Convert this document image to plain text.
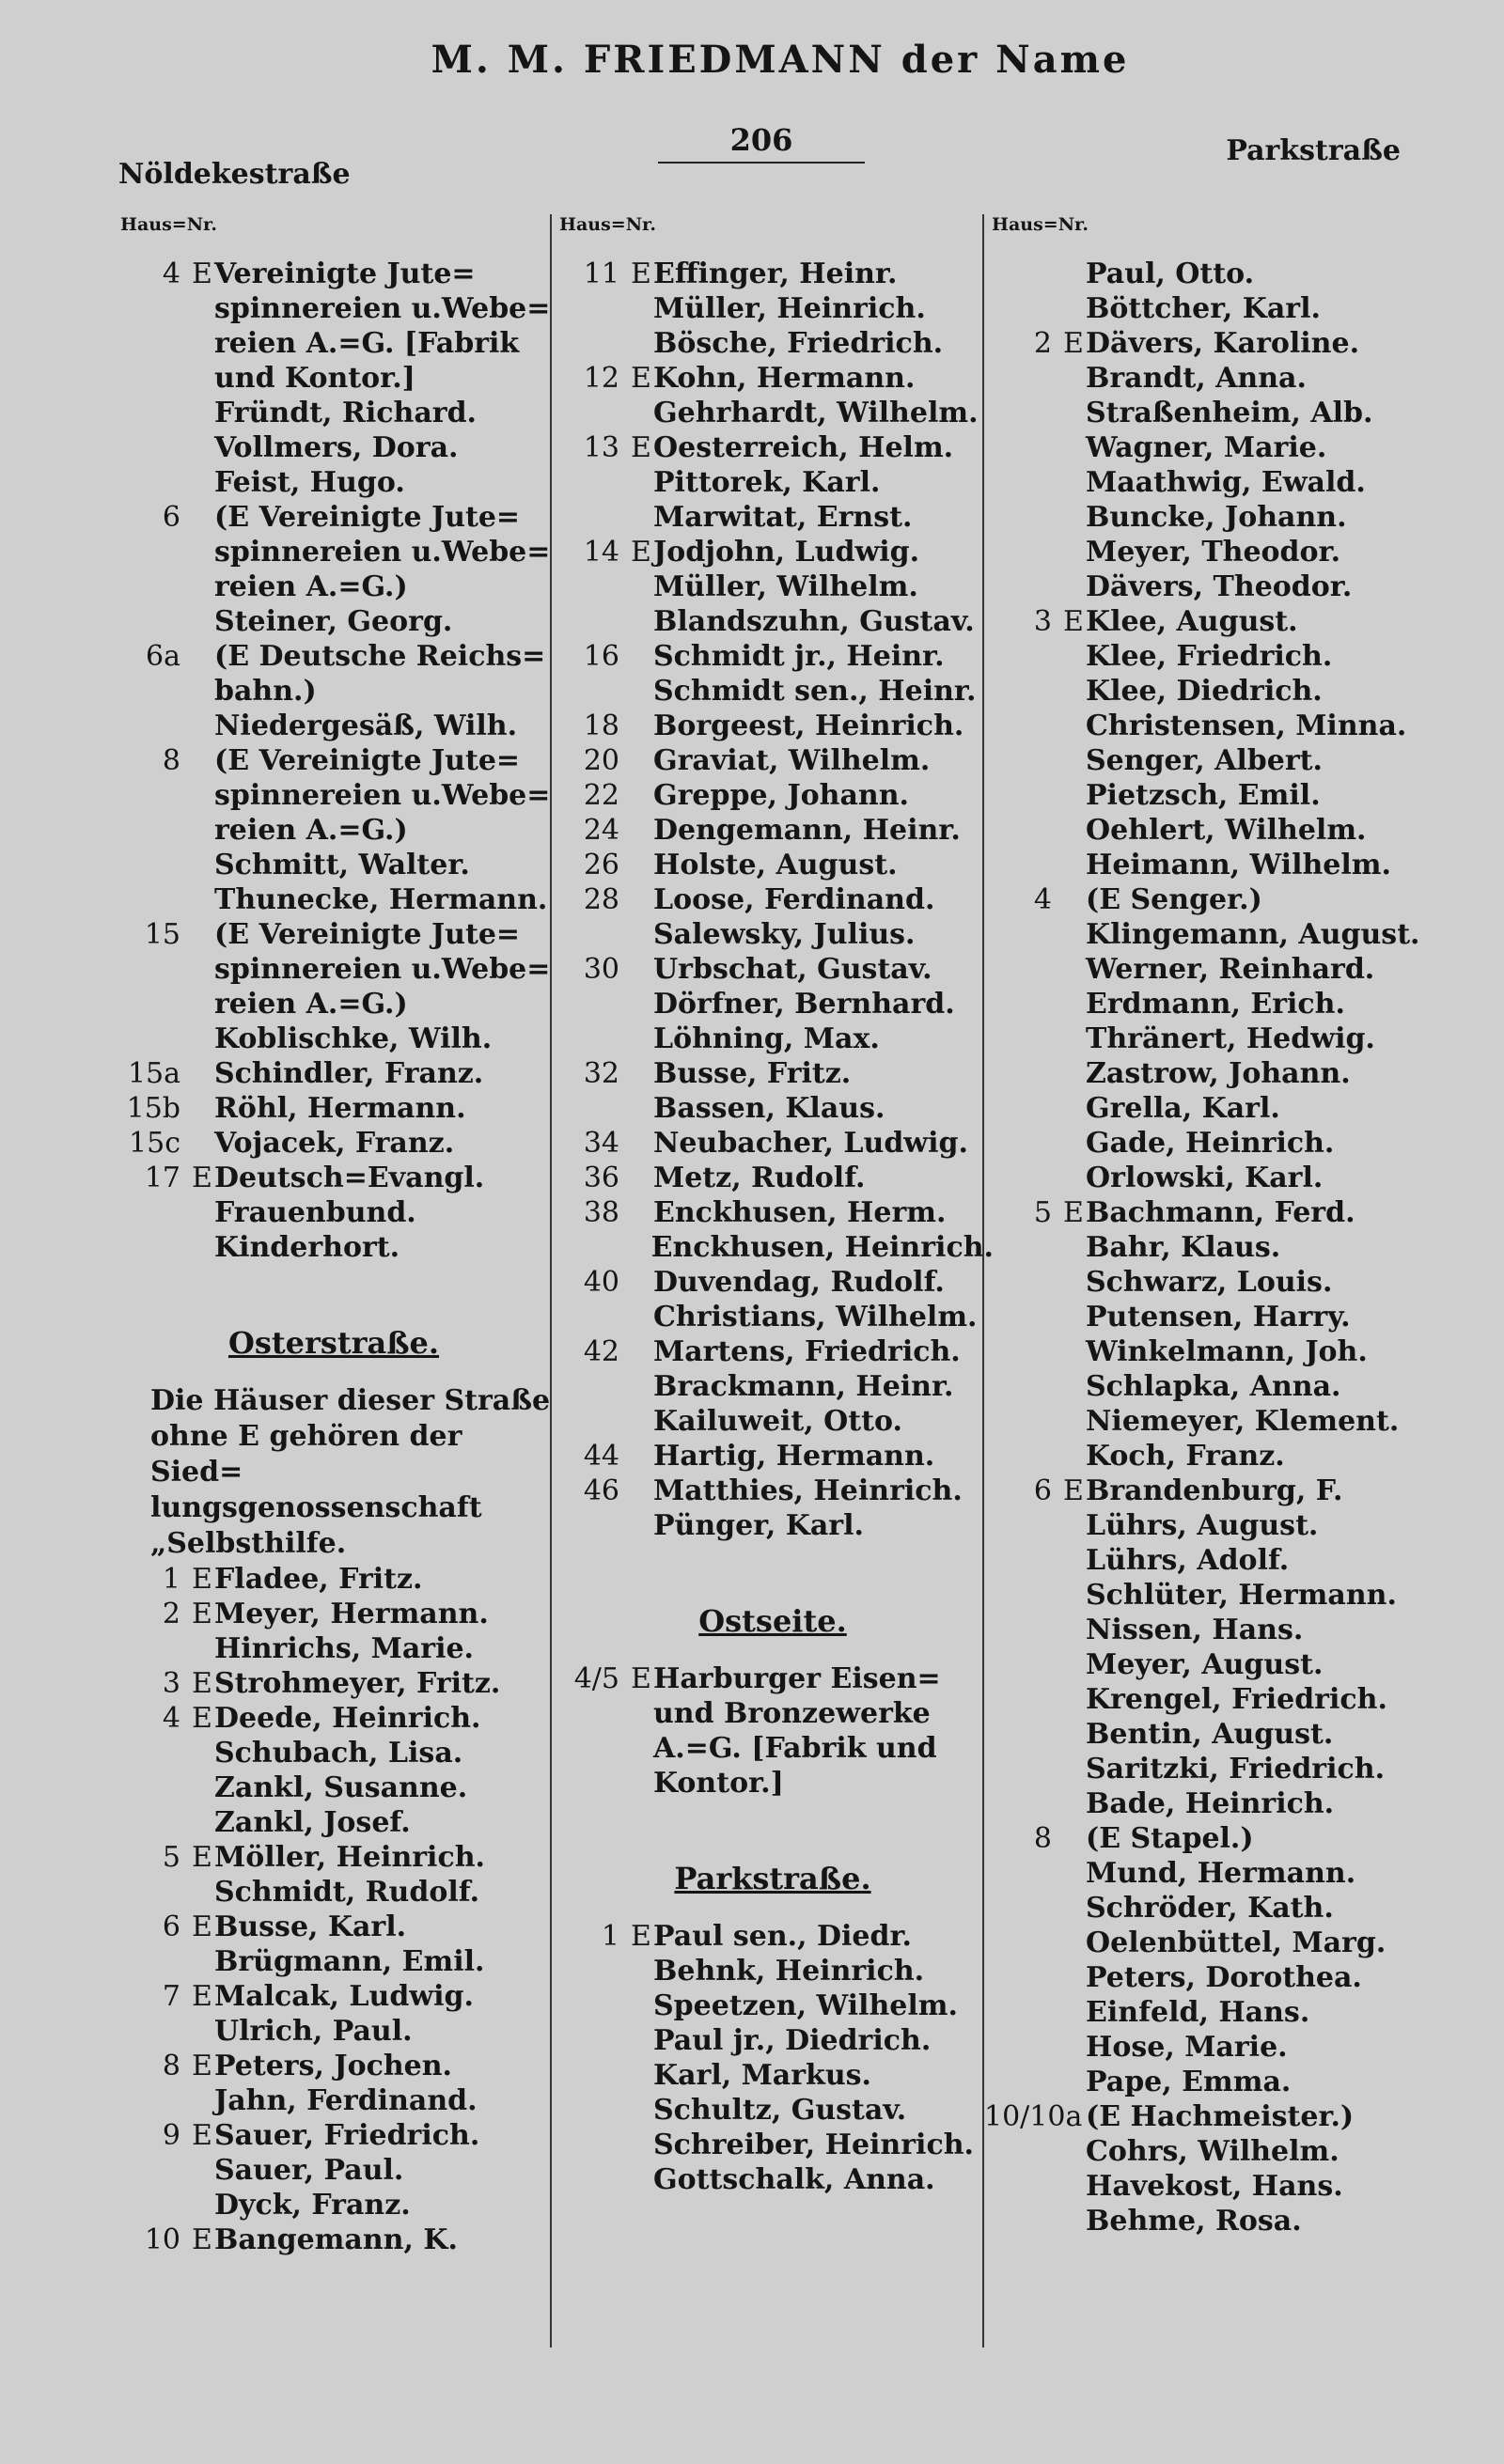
M. M. FRIEDMANN der Name
206
Nöldekestraße
Parkstraße
Haus=Nr.
4 E Vereinigte Jute=
spinnereien u.Webe=
reien A.=G. [Fabrik
und Kontor.]
Fründt, Richard.
Vollmers, Dora.
Feist, Hugo.
6	(E Vereinigte Jute=
spinnereien u.Webe=
reien A.=G.)
Steiner, Georg.
6a	(E Deutsche Reichs=
bahn.)
Niedergesäß, Wilh.
8	(E Vereinigte Jute=
spinnereien u.Webe=
reien A.=G.)
Schmitt, Walter.
Thunecke, Hermann.
15	(E Vereinigte Jute=
spinnereien u.Webe=
reien A.=G.)
Koblischke, Wilh.
15a	Schindler, Franz.
15b	Röhl, Hermann.
15c	Vojacek, Franz.
17 E Deutsch=Evangl.
Frauenbund.
Kinderhort.
Osterstraße.
Die Häuser dieser Straße
ohne E gehören der Sied=
lungsgenossenschaft
„Selbsthilfe.
1 E Fladee, Fritz.
2 E Meyer, Hermann.
Hinrichs, Marie.
3 E Strohmeyer, Fritz.
4 E Deede, Heinrich.
Schubach, Lisa.
Zankl, Susanne.
Zankl, Josef.
5 E Möller, Heinrich.
Schmidt, Rudolf.
6 E Busse, Karl.
Brügmann, Emil.
7 E Malcak, Ludwig.
Ulrich, Paul.
8 E Peters, Jochen.
Jahn, Ferdinand.
9 E Sauer, Friedrich.
Sauer, Paul.
Dyck, Franz.
10 E Bangemann, K.
Haus=Nr.
11 E Effinger, Heinr.
Müller, Heinrich.
Bösche, Friedrich.
12 E Kohn, Hermann.
Gehrhardt, Wilhelm.
13 E Oesterreich, Helm.
Pittorek, Karl.
Marwitat, Ernst.
14 E Jodjohn, Ludwig.
Müller, Wilhelm.
Blandszuhn, Gustav.
16	Schmidt jr., Heinr.
Schmidt sen., Heinr.
18	Borgeest, Heinrich.
20	Graviat, Wilhelm.
22	Greppe, Johann.
24	Dengemann, Heinr.
26	Holste, August.
28	Loose, Ferdinand.
Salewsky, Julius.
30	Urbschat, Gustav.
Dörfner, Bernhard.
Löhning, Max.
32	Busse, Fritz.
Bassen, Klaus.
34	Neubacher, Ludwig.
36	Metz, Rudolf.
38	Enckhusen, Herm.
Enckhusen, Heinrich.
40	Duvendag, Rudolf.
Christians, Wilhelm.
42	Martens, Friedrich.
Brackmann, Heinr.
Kailuweit, Otto.
44	Hartig, Hermann.
46	Matthies, Heinrich.
Pünger, Karl.
Ostseite.
4/5 E Harburger Eisen=
und Bronzewerke
A.=G. [Fabrik und
Kontor.]
Parkstraße.
1 E Paul sen., Diedr.
Behnk, Heinrich.
Speetzen, Wilhelm.
Paul jr., Diedrich.
Karl, Markus.
Schultz, Gustav.
Schreiber, Heinrich.
Gottschalk, Anna.
Haus=Nr.
Paul, Otto.
Böttcher, Karl.
2 E Dävers, Karoline.
Brandt, Anna.
Straßenheim, Alb.
Wagner, Marie.
Maathwig, Ewald.
Buncke, Johann.
Meyer, Theodor.
Dävers, Theodor.
3 E Klee, August.
Klee, Friedrich.
Klee, Diedrich.
Christensen, Minna.
Senger, Albert.
Pietzsch, Emil.
Oehlert, Wilhelm.
Heimann, Wilhelm.
4	(E Senger.)
Klingemann, August.
Werner, Reinhard.
Erdmann, Erich.
Thränert, Hedwig.
Zastrow, Johann.
Grella, Karl.
Gade, Heinrich.
Orlowski, Karl.
5 E Bachmann, Ferd.
Bahr, Klaus.
Schwarz, Louis.
Putensen, Harry.
Winkelmann, Joh.
Schlapka, Anna.
Niemeyer, Klement.
Koch, Franz.
6 E Brandenburg, F.
Lührs, August.
Lührs, Adolf.
Schlüter, Hermann.
Nissen, Hans.
Meyer, August.
Krengel, Friedrich.
Bentin, August.
Saritzki, Friedrich.
Bade, Heinrich.
8	(E Stapel.)
Mund, Hermann.
Schröder, Kath.
Oelenbüttel, Marg.
Peters, Dorothea.
Einfeld, Hans.
Hose, Marie.
Pape, Emma.
10/10a (E Hachmeister.)
Cohrs, Wilhelm.
Havekost, Hans.
Behme, Rosa.
